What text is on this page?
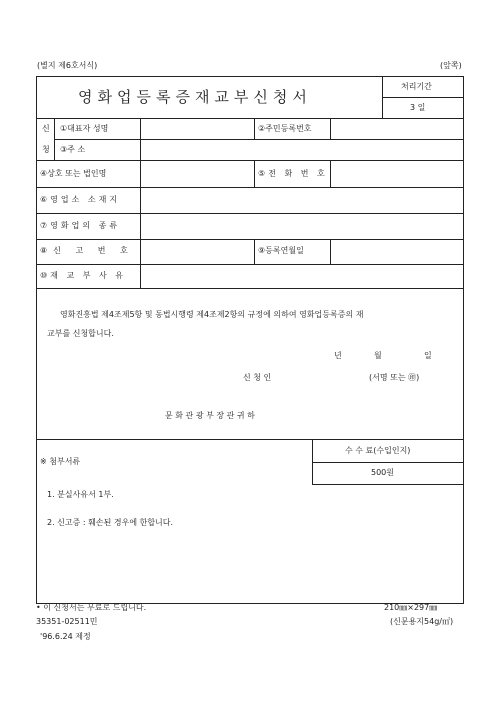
(별지 제6호서식)	(앞쪽)
영화업등록증재교부신청서
처리기간
3 일
신
청
①대표자 성명	②주민등록번호
③주 소
④상호 또는 법인명	⑤전 화 번 호
⑥영업소 소재지
⑦영화업의 종류
⑧신 고 번 호	⑨등록연월일
⑩재 교 부 사 유
영화진흥법 제4조제5항 및 동법시행령 제4조제2항의 규정에 의하여 영화업등록증의 재
교부를 신청합니다.
년	월	일
신 청 인	(서명 또는 ㊞)
문 화 관 광 부 장 관 귀 하
※ 첨부서류
1. 분실사유서 1부.
2. 신고증 : 훼손된 경우에 한합니다.
수 수 료(수입인지)
500원
• 이 신청서는 무료로 드립니다.	210㎜×297㎜
35351-02511민	(신문용지54g/㎡)
'96.6.24 제정
